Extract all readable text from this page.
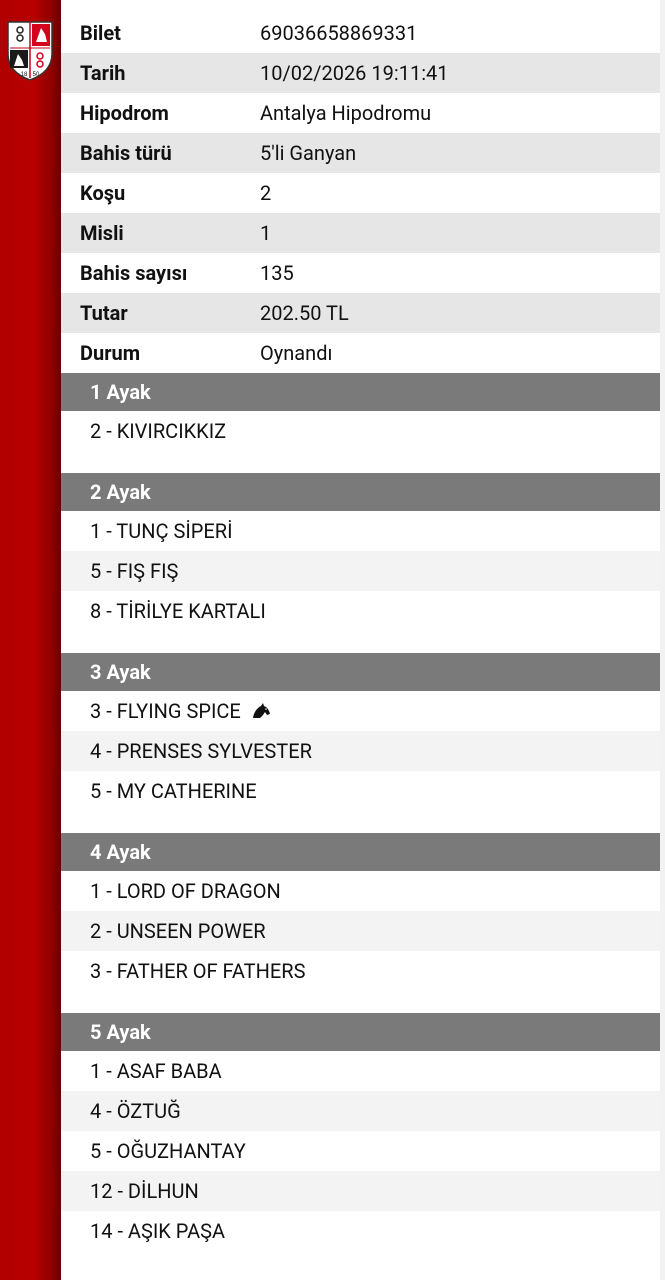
18 50
Bilet	69036658869331
Tarih	10/02/2026 19:11:41
Hipodrom	Antalya Hipodromu
Bahis türü	5'li Ganyan
Koşu	2
Misli	1
Bahis sayısı	135
Tutar	202.50 TL
Durum	Oynandı
1 Ayak
2 - KIVIRCIKKIZ
2 Ayak
1 - TUNÇ SİPERİ
5 - FIŞ FIŞ
8 - TİRİLYE KARTALI
3 Ayak
3 - FLYING SPICE
4 - PRENSES SYLVESTER
5 - MY CATHERINE
4 Ayak
1 - LORD OF DRAGON
2 - UNSEEN POWER
3 - FATHER OF FATHERS
5 Ayak
1 - ASAF BABA
4 - ÖZTUĞ
5 - OĞUZHANTAY
12 - DİLHUN
14 - AŞIK PAŞA
